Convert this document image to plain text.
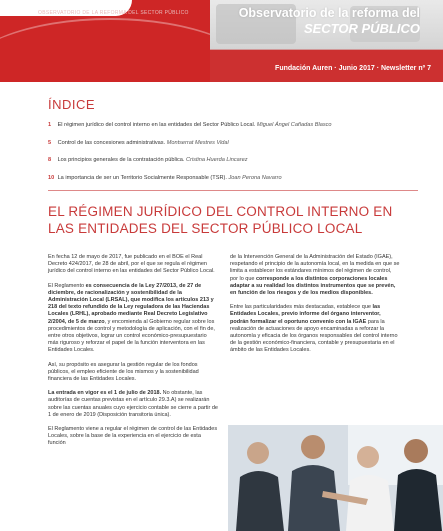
OBSERVATORIO DE LA REFORMA DEL SECTOR PÚBLICO	Observatorio de la reforma del
SECTOR PÚBLICO
Fundación Auren · Junio 2017 · Newsletter nº 7
ÍNDICE
1 El régimen jurídico del control interno en las entidades del Sector Público Local. Miguel Ángel Cañadas Blasco
5 Control de las concesiones administrativas. Montserrat Mestres Vidal
8 Los principios generales de la contratación pública. Cristina Huerda Lincarez
10 La importancia de ser un Territorio Socialmente Responsable (TSR). Joan Perona Navarro
EL RÉGIMEN JURÍDICO DEL CONTROL INTERNO EN LAS ENTIDADES DEL SECTOR PÚBLICO LOCAL

En fecha 12 de mayo de 2017, fue publicado en el BOE el Real Decreto 424/2017, de 28 de abril, por el que se regula el régimen jurídico del control interno en las entidades del Sector Público Local.

El Reglamento es consecuencia de la Ley 27/2013, de 27 de diciembre, de racionalización y sostenibilidad de la Administración Local (LRSAL), que modifica los artículos 213 y 218 del texto refundido de la Ley reguladora de las Haciendas Locales (LRHL), aprobado mediante Real Decreto Legislativo 2/2004, de 5 de marzo, y encomienda al Gobierno regular sobre los procedimientos de control y metodología de aplicación, con el fin de, entre otros objetivos, lograr un control económico-presupuestario más riguroso y reforzar el papel de la función interventora en las Entidades Locales.

Así, su propósito es asegurar la gestión regular de los fondos públicos, el empleo eficiente de los mismos y la sostenibilidad financiera de las Entidades Locales.

La entrada en vigor es el 1 de julio de 2018. No obstante, las auditorías de cuentas previstas en el artículo 29.3.A) se realizarán sobre las cuentas anuales cuyo ejercicio contable se cierre a partir de 1 de enero de 2019 (Disposición transitoria única).

El Reglamento viene a regular el régimen de control de las Entidades Locales, sobre la base de la experiencia en el ejercicio de esta función

de la Intervención General de la Administración del Estado (IGAE), respetando el principio de la autonomía local, en la medida en que se limita a establecer los estándares mínimos del régimen de control, por lo que corresponde a los distintos corporaciones locales adaptar a su realidad los distintos instrumentos que se prevén, en función de los riesgos y de los medios disponibles.

Entre las particularidades más destacadas, establece que las Entidades Locales, previo informe del órgano interventor, podrán formalizar el oportuno convenio con la IGAE para la realización de actuaciones de apoyo encaminadas a reforzar la autonomía y eficacia de los órganos responsables del control interno de la gestión económico-financiera, contable y presupuestaria en el ámbito de las Entidades Locales.
